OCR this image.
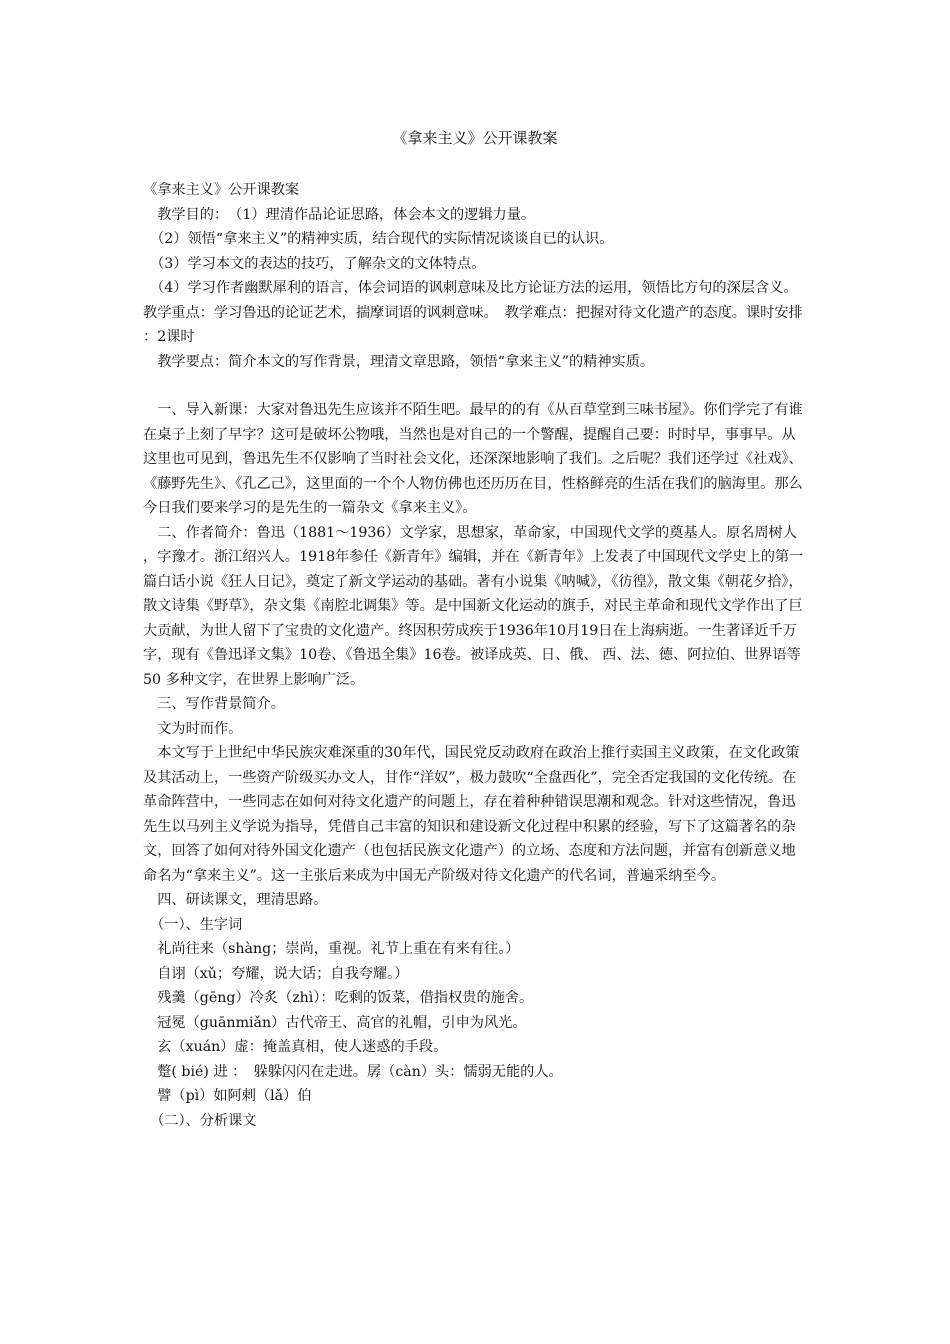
《拿来主义》公开课教案

《拿来主义》公开课教案

　教学目的：　（1）理清作品论证思路，体会本文的逻辑力量。

　（2）领悟“拿来主义”的精神实质，结合现代的实际情况谈谈自已的认识。

　（3）学习本文的表达的技巧，了解杂文的文体特点。

　（4）学习作者幽默犀利的语言，体会词语的讽刺意味及比方论证方法的运用，领悟比方句的深层含义。　教学重点：学习鲁迅的论证艺术，揣摩词语的讽刺意味。　教学难点：把握对待文化遗产的态度。课时安排：2课时

　教学要点：简介本文的写作背景，理清文章思路，领悟“拿来主义”的精神实质。

　一、导入新课：大家对鲁迅先生应该并不陌生吧。最早的的有《从百草堂到三味书屋》。你们学完了有谁在桌子上刻了早字？这可是破坏公物哦，当然也是对自己的一个警醒，提醒自己要：时时早，事事早。从这里也可见到，鲁迅先生不仅影响了当时社会文化，还深深地影响了我们。之后呢？我们还学过《社戏》、《藤野先生》、《孔乙己》，这里面的一个个人物仿佛也还历历在目，性格鲜亮的生活在我们的脑海里。那么今日我们要来学习的是先生的一篇杂文《拿来主义》。

　二、作者简介：鲁迅（1881～1936）文学家，思想家，革命家，中国现代文学的奠基人。原名周树人，字豫才。浙江绍兴人。1918年参任《新青年》编辑，并在《新青年》上发表了中国现代文学史上的第一篇白话小说《狂人日记》，奠定了新文学运动的基础。著有小说集《呐喊》，《彷徨》，散文集《朝花夕拾》，散文诗集《野草》，杂文集《南腔北调集》等。是中国新文化运动的旗手，对民主革命和现代文学作出了巨大贡献，为世人留下了宝贵的文化遗产。终因积劳成疾于1936年10月19日在上海病逝。一生著译近千万字，现有《鲁迅译文集》10卷、《鲁迅全集》16卷。被译成英、日、俄、 西、法、德、阿拉伯、世界语等50 多种文字，在世界上影响广泛。

　三、写作背景简介。

　文为时而作。

　本文写于上世纪中华民族灾难深重的30年代，国民党反动政府在政治上推行卖国主义政策，在文化政策及其活动上，一些资产阶级买办文人，甘作“洋奴”，极力鼓吹“全盘西化”，完全否定我国的文化传统。在革命阵营中，一些同志在如何对待文化遗产的问题上，存在着种种错误思潮和观念。针对这些情况，鲁迅先生以马列主义学说为指导，凭借自己丰富的知识和建设新文化过程中积累的经验，写下了这篇著名的杂文，回答了如何对待外国文化遗产（也包括民族文化遗产）的立场、态度和方法问题，并富有创新意义地命名为“拿来主义”。这一主张后来成为中国无产阶级对待文化遗产的代名词，普遍采纳至今。

　四、研读课文，理清思路。

　（一）、生字词

　礼尚往来（shàng；崇尚，重视。礼节上重在有来有往。）

　自诩（xǔ；夸耀，说大话；自我夸耀。）

　残羹（gēng）冷炙（zhì）：吃剩的饭菜，借指权贵的施舍。

　冠冕（guānmiǎn）古代帝王、高官的礼帽，引申为风光。

　玄（xuán）虚：掩盖真相，使人迷惑的手段。

　蹩( bié) 进 ：　躲躲闪闪在走进。孱（càn）头：懦弱无能的人。

　譬（pì）如阿剌（lǎ）伯

　（二）、分析课文
